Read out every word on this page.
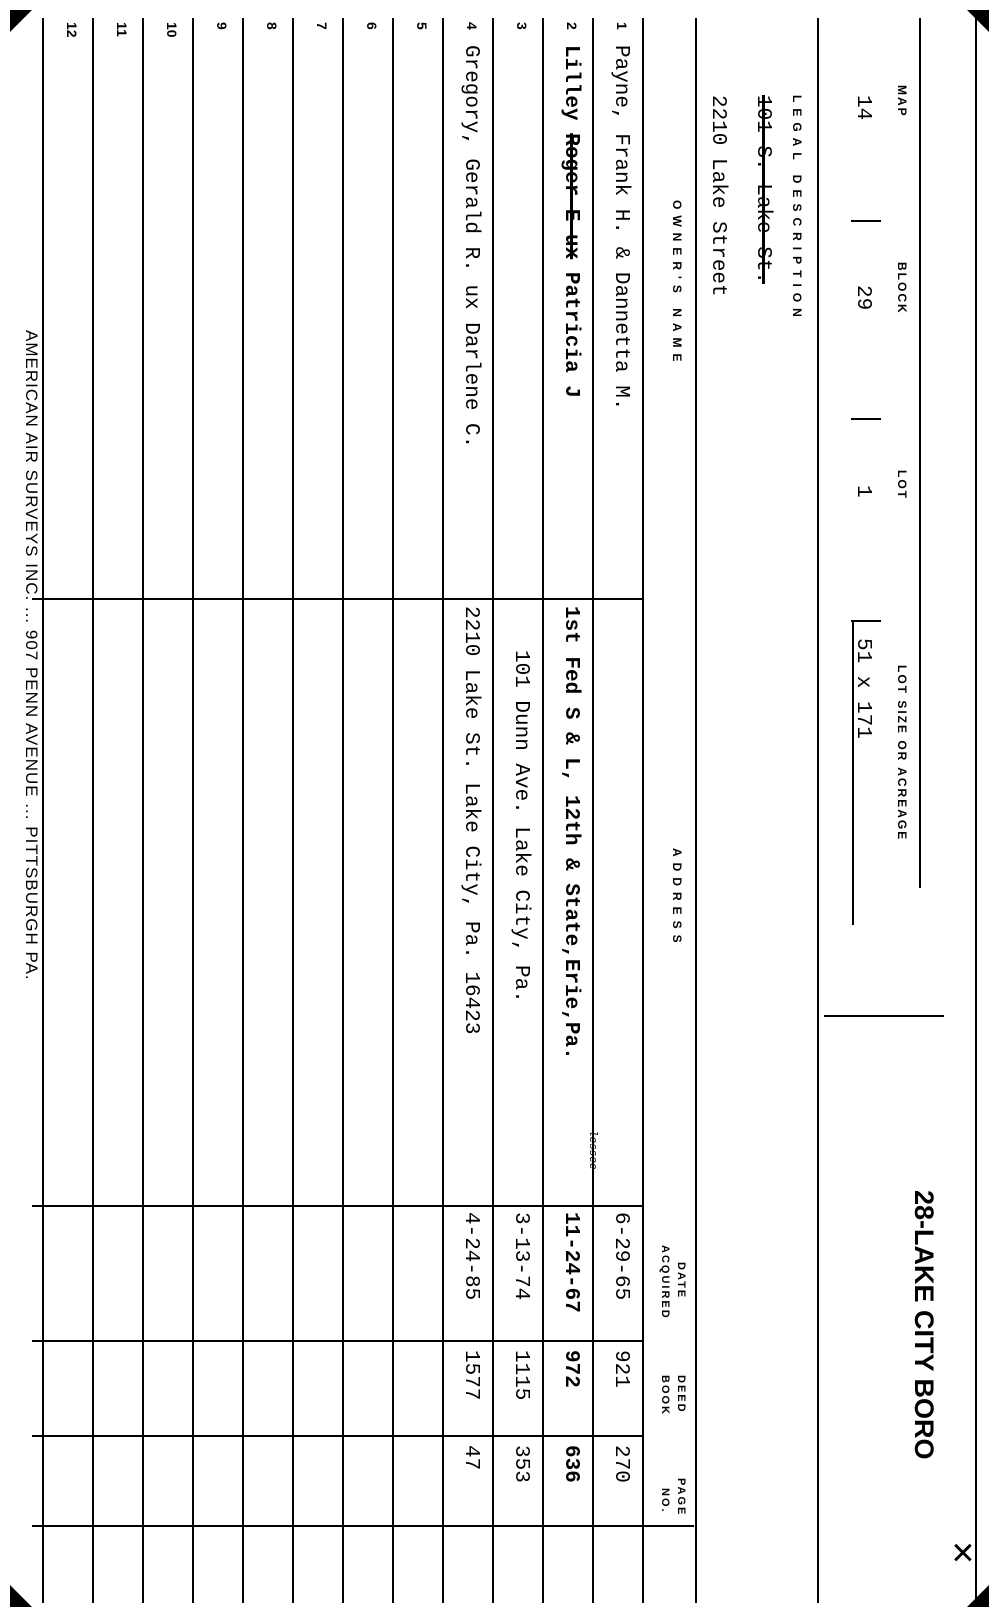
28-LAKE CITY BORO
✕
MAP
BLOCK
LOT
LOT SIZE OR ACREAGE
14
29
1
51 x 171
LEGAL DESCRIPTION
101 S. Lake St.
2210 Lake Street
OWNER'S NAME
ADDRESS
DATE
ACQUIRED
DEED
BOOK
PAGE
NO.
1
Payne, Frank H. & Dannetta M.
6-29-65
921
270
2
Lilley Roger E ux Patricia J
1st Fed S & L, 12th & State,Erie,Pa.
lessee
11-24-67
972
636
3
101 Dunn Ave. Lake City, Pa.
3-13-74
1115
353
4
Gregory, Gerald R. ux Darlene C.
2210 Lake St. Lake City, Pa. 16423
4-24-85
1577
47
5
6
7
8
9
10
11
12
AMERICAN AIR SURVEYS INC. ... 907 PENN AVENUE ... PITTSBURGH PA.
